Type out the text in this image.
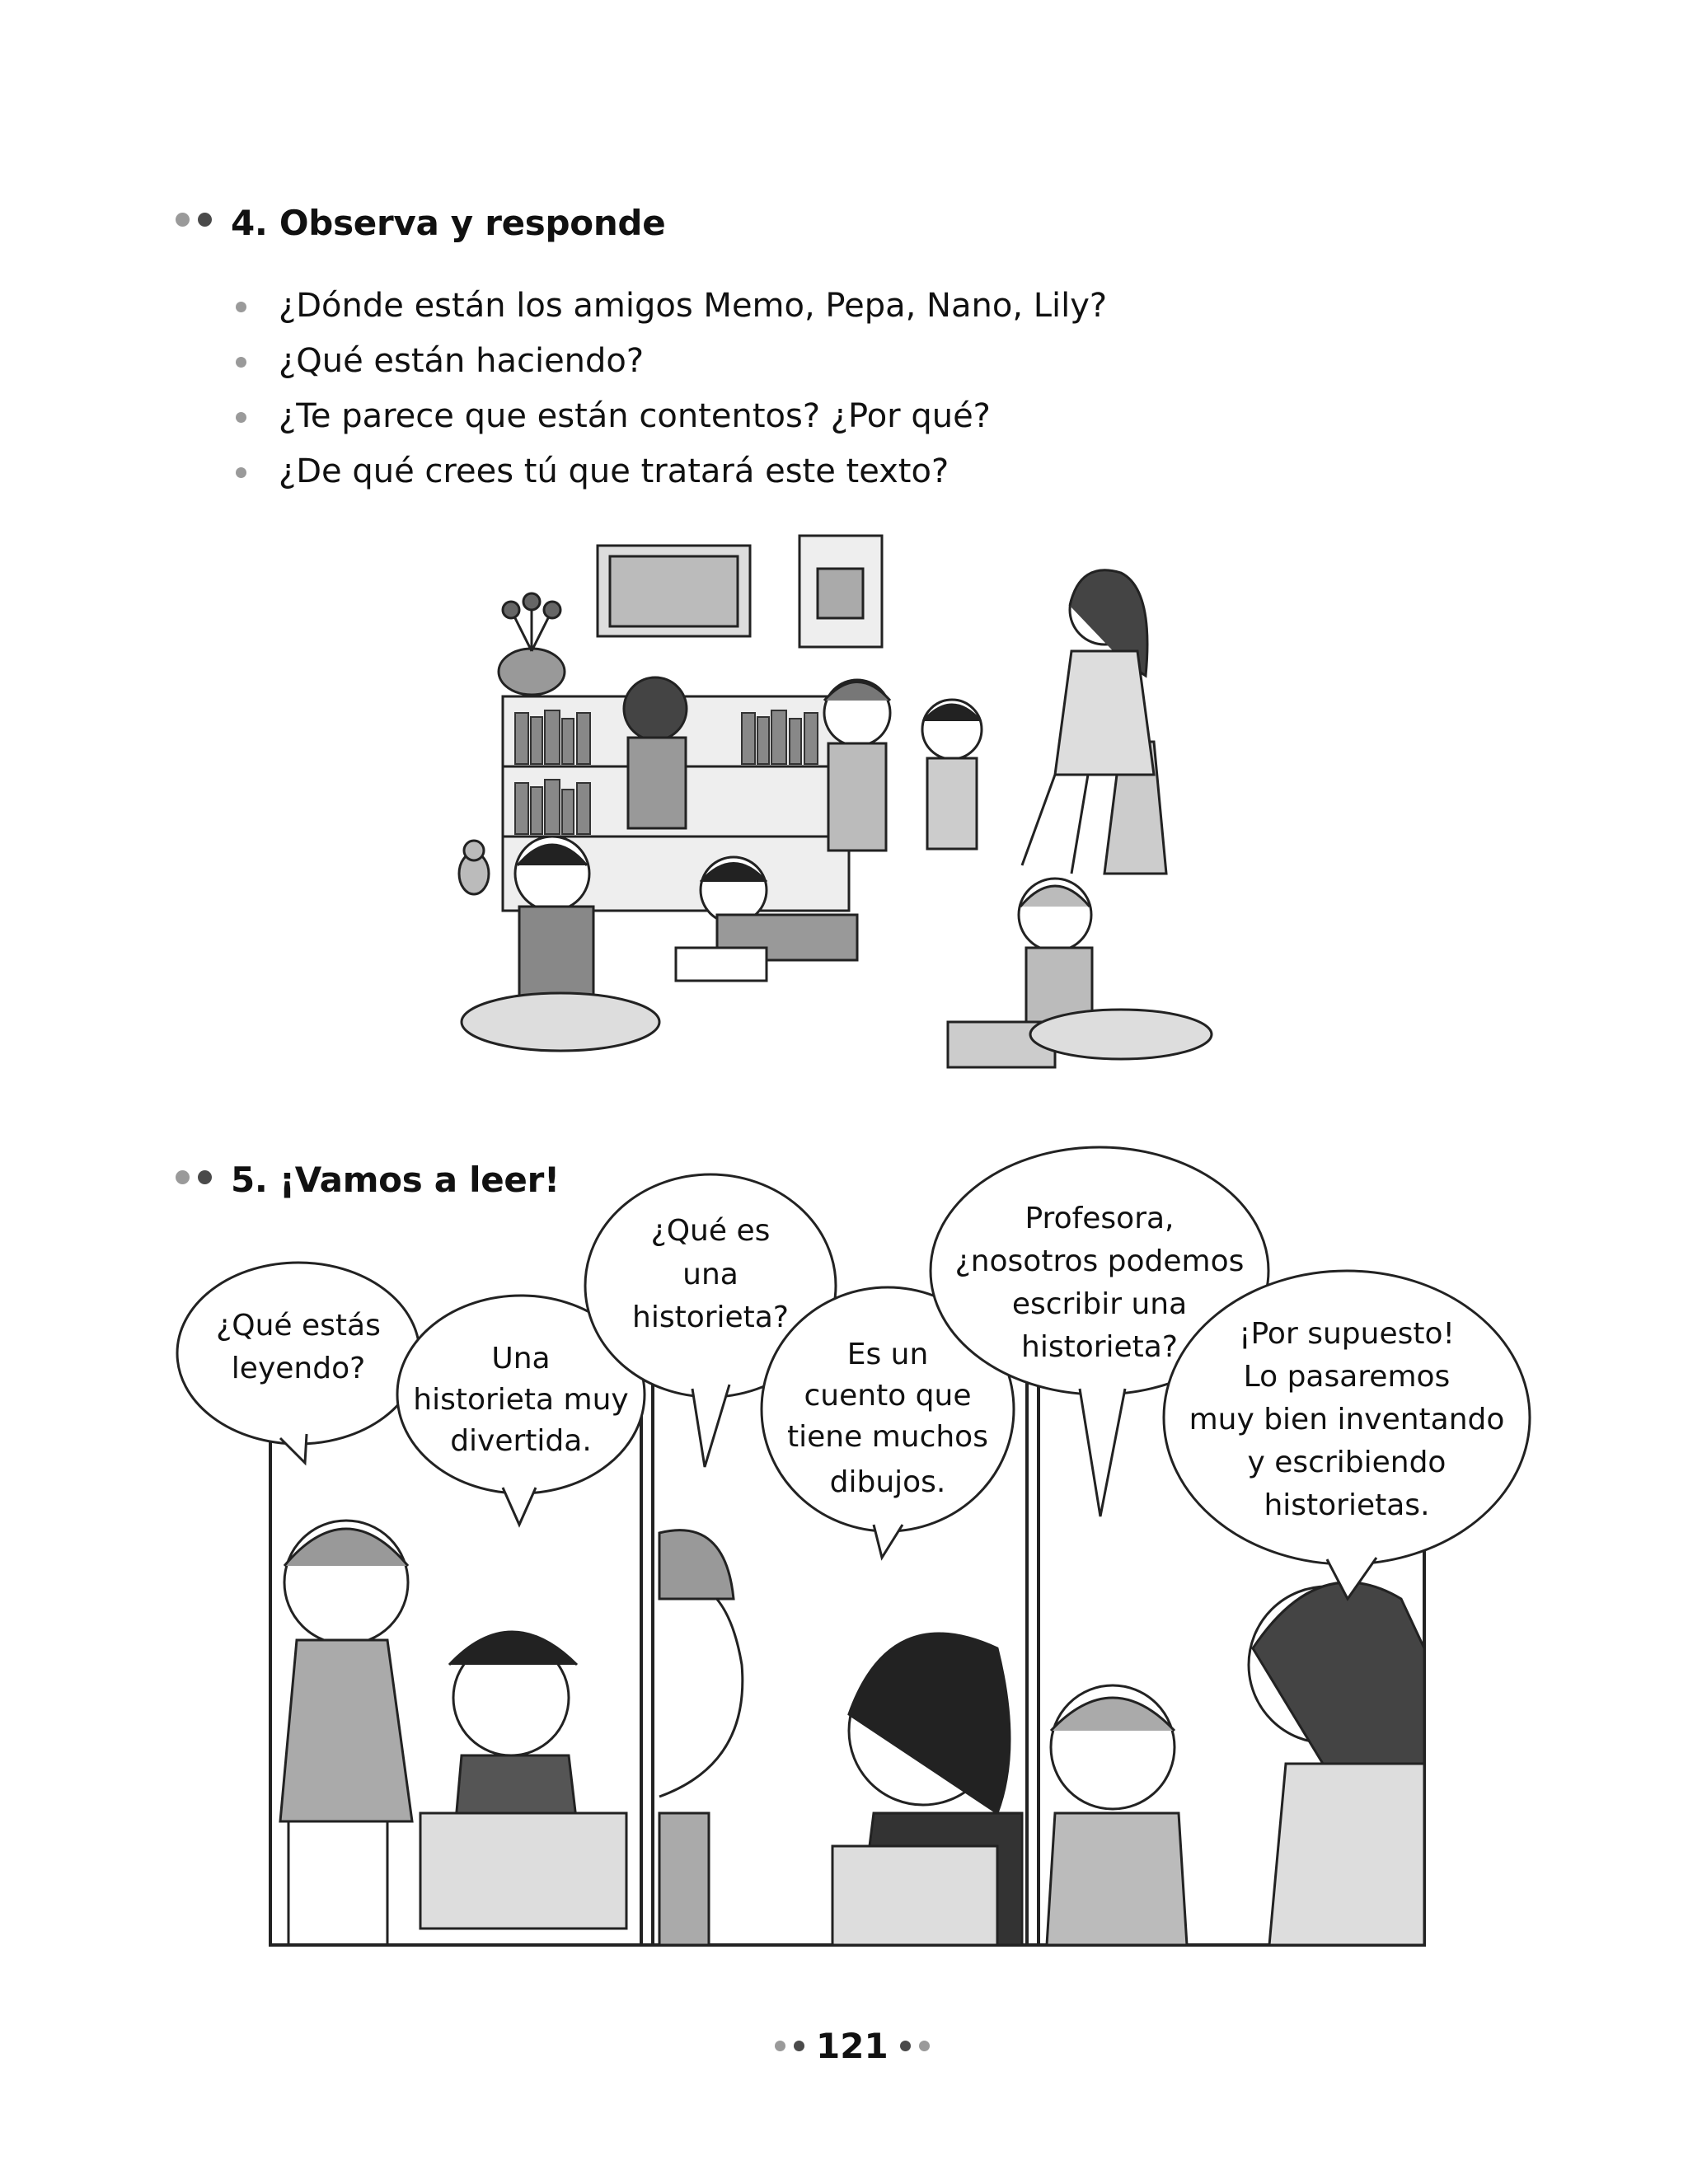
4. Observa y responde
¿Dónde están los amigos Memo, Pepa, Nano, Lily?
¿Qué están haciendo?
¿Te parece que están contentos? ¿Por qué?
¿De qué crees tú que tratará este texto?
5. ¡Vamos a leer!
¿Qué estás
leyendo?	Una
historieta muy
divertida.
¿Qué es
una
historieta?
Es un
cuento que
tiene muchos
dibujos.
Profesora,
¿nosotros podemos
escribir una
historieta? ¡Por supuesto!
Lo pasaremos
muy bien inventando
y escribiendo
historietas.
121
